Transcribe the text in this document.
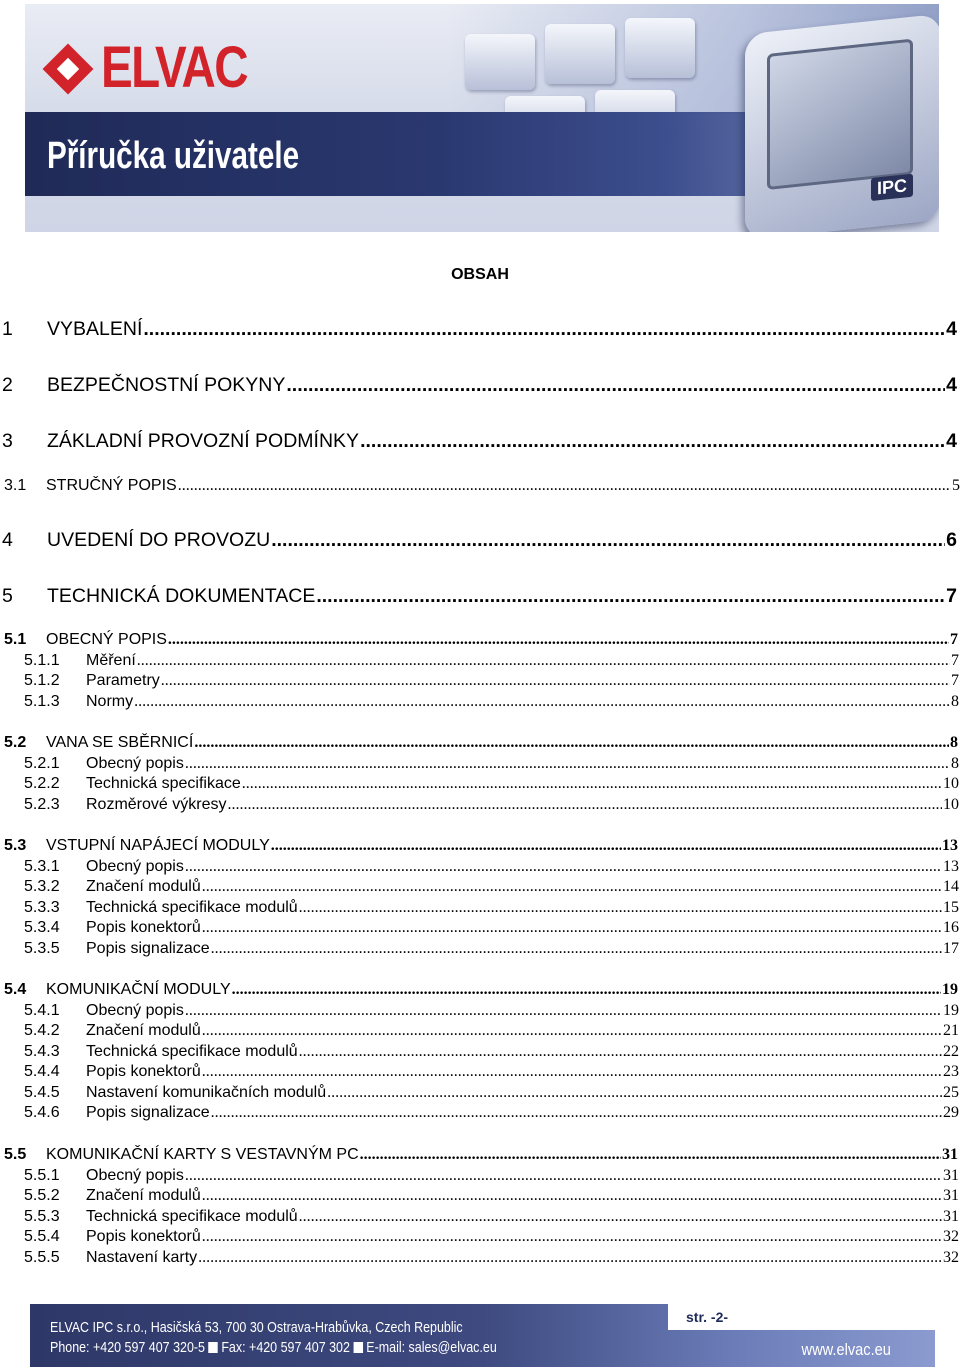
ELVAC
Příručka uživatele
IPC
OBSAH
1	VYBALENÍ .....	4
2	BEZPEČNOSTNÍ POKYNY .....	4
3	ZÁKLADNÍ PROVOZNÍ PODMÍNKY .....	4
3.1	STRUČNÝ POPIS .....	5
4	UVEDENÍ DO PROVOZU .....	6
5	TECHNICKÁ DOKUMENTACE .....	7
5.1	OBECNÝ POPIS .....	7
5.1.1	Měření .....	7
5.1.2	Parametry .....	7
5.1.3	Normy .....	8
5.2	VANA SE SBĚRNICÍ .....	8
5.2.1	Obecný popis .....	8
5.2.2	Technická specifikace .....	10
5.2.3	Rozměrové výkresy .....	10
5.3	VSTUPNÍ NAPÁJECÍ MODULY .....	13
5.3.1	Obecný popis .....	13
5.3.2	Značení modulů .....	14
5.3.3	Technická specifikace modulů .....	15
5.3.4	Popis konektorů .....	16
5.3.5	Popis signalizace .....	17
5.4	KOMUNIKAČNÍ MODULY .....	19
5.4.1	Obecný popis .....	19
5.4.2	Značení modulů .....	21
5.4.3	Technická specifikace modulů .....	22
5.4.4	Popis konektorů .....	23
5.4.5	Nastavení komunikačních modulů .....	25
5.4.6	Popis signalizace .....	29
5.5	KOMUNIKAČNÍ KARTY S VESTAVNÝM PC .....	31
5.5.1	Obecný popis .....	31
5.5.2	Značení modulů .....	31
5.5.3	Technická specifikace modulů .....	31
5.5.4	Popis konektorů .....	32
5.5.5	Nastavení karty .....	32
str. -2-
ELVAC IPC s.r.o., Hasičská 53, 700 30 Ostrava-Hrabůvka, Czech Republic
Phone: +420 597 407 320-5 Fax: +420 597 407 302 E-mail: sales@elvac.eu	www.elvac.eu
